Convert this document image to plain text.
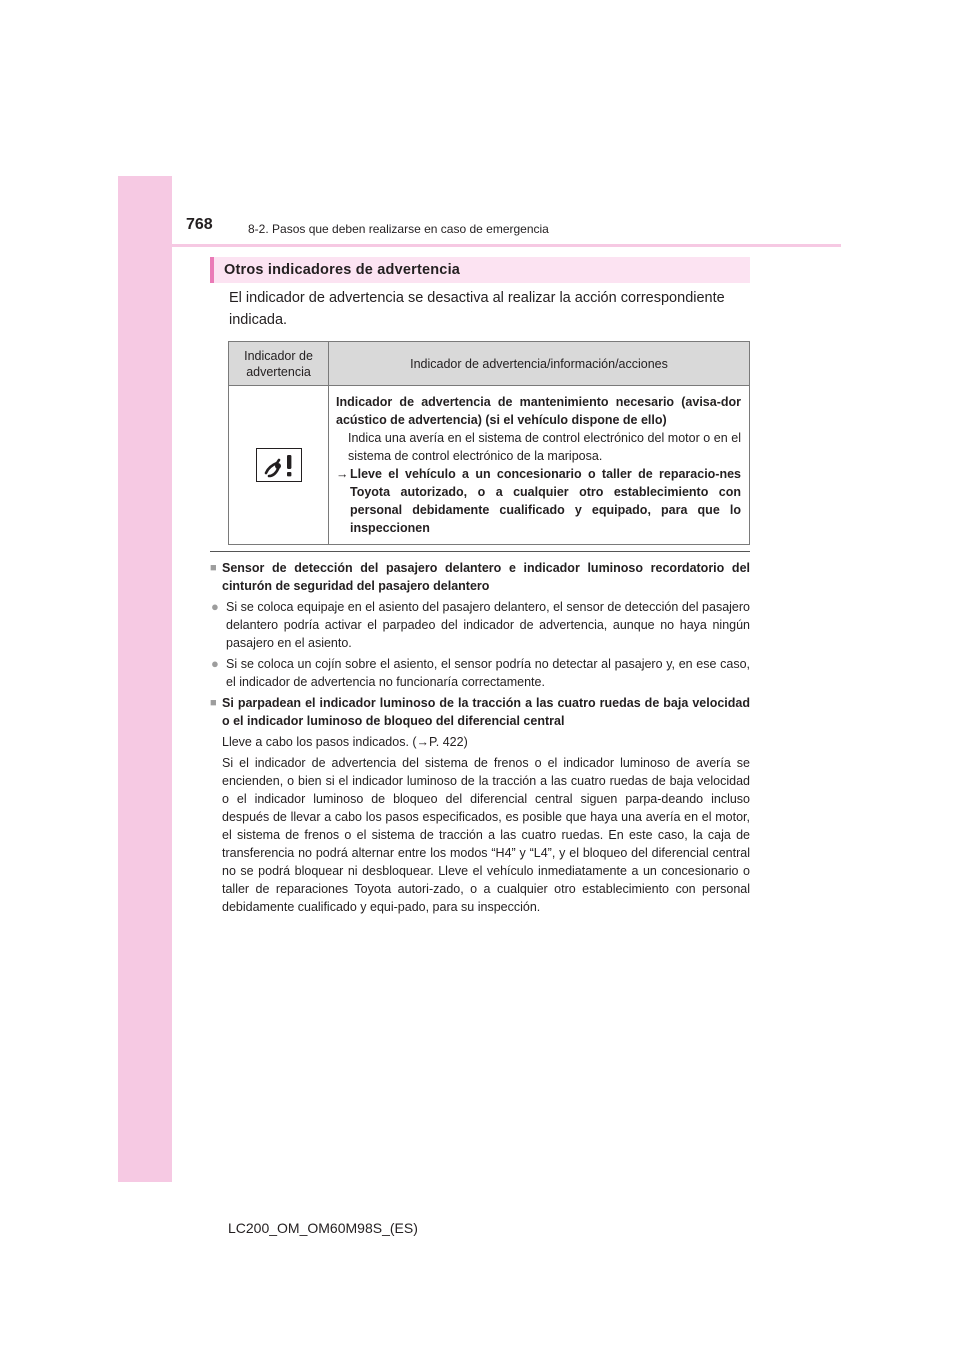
768	8-2. Pasos que deben realizarse en caso de emergencia
Otros indicadores de advertencia
El indicador de advertencia se desactiva al realizar la acción correspondiente indicada.
Indicador de advertencia	Indicador de advertencia/información/acciones

Indicador de advertencia de mantenimiento necesario (avisa-dor acústico de advertencia) (si el vehículo dispone de ello)
Indica una avería en el sistema de control electrónico del motor o en el sistema de control electrónico de la mariposa.
→ Lleve el vehículo a un concesionario o taller de reparacio-nes Toyota autorizado, o a cualquier otro establecimiento con personal debidamente cualificado y equipado, para que lo inspeccionen
■ Sensor de detección del pasajero delantero e indicador luminoso recordatorio del cinturón de seguridad del pasajero delantero
● Si se coloca equipaje en el asiento del pasajero delantero, el sensor de detección del pasajero delantero podría activar el parpadeo del indicador de advertencia, aunque no haya ningún pasajero en el asiento.
● Si se coloca un cojín sobre el asiento, el sensor podría no detectar al pasajero y, en ese caso, el indicador de advertencia no funcionaría correctamente.
■ Si parpadean el indicador luminoso de la tracción a las cuatro ruedas de baja velocidad o el indicador luminoso de bloqueo del diferencial central
Lleve a cabo los pasos indicados. (→P. 422)
Si el indicador de advertencia del sistema de frenos o el indicador luminoso de avería se encienden, o bien si el indicador luminoso de la tracción a las cuatro ruedas de baja velocidad o el indicador luminoso de bloqueo del diferencial central siguen parpa-deando incluso después de llevar a cabo los pasos especificados, es posible que haya una avería en el motor, el sistema de frenos o el sistema de tracción a las cuatro ruedas. En este caso, la caja de transferencia no podrá alternar entre los modos “H4” y “L4”, y el bloqueo del diferencial central no se podrá bloquear ni desbloquear. Lleve el vehículo inmediatamente a un concesionario o taller de reparaciones Toyota autori-zado, o a cualquier otro establecimiento con personal debidamente cualificado y equi-pado, para su inspección.
LC200_OM_OM60M98S_(ES)
